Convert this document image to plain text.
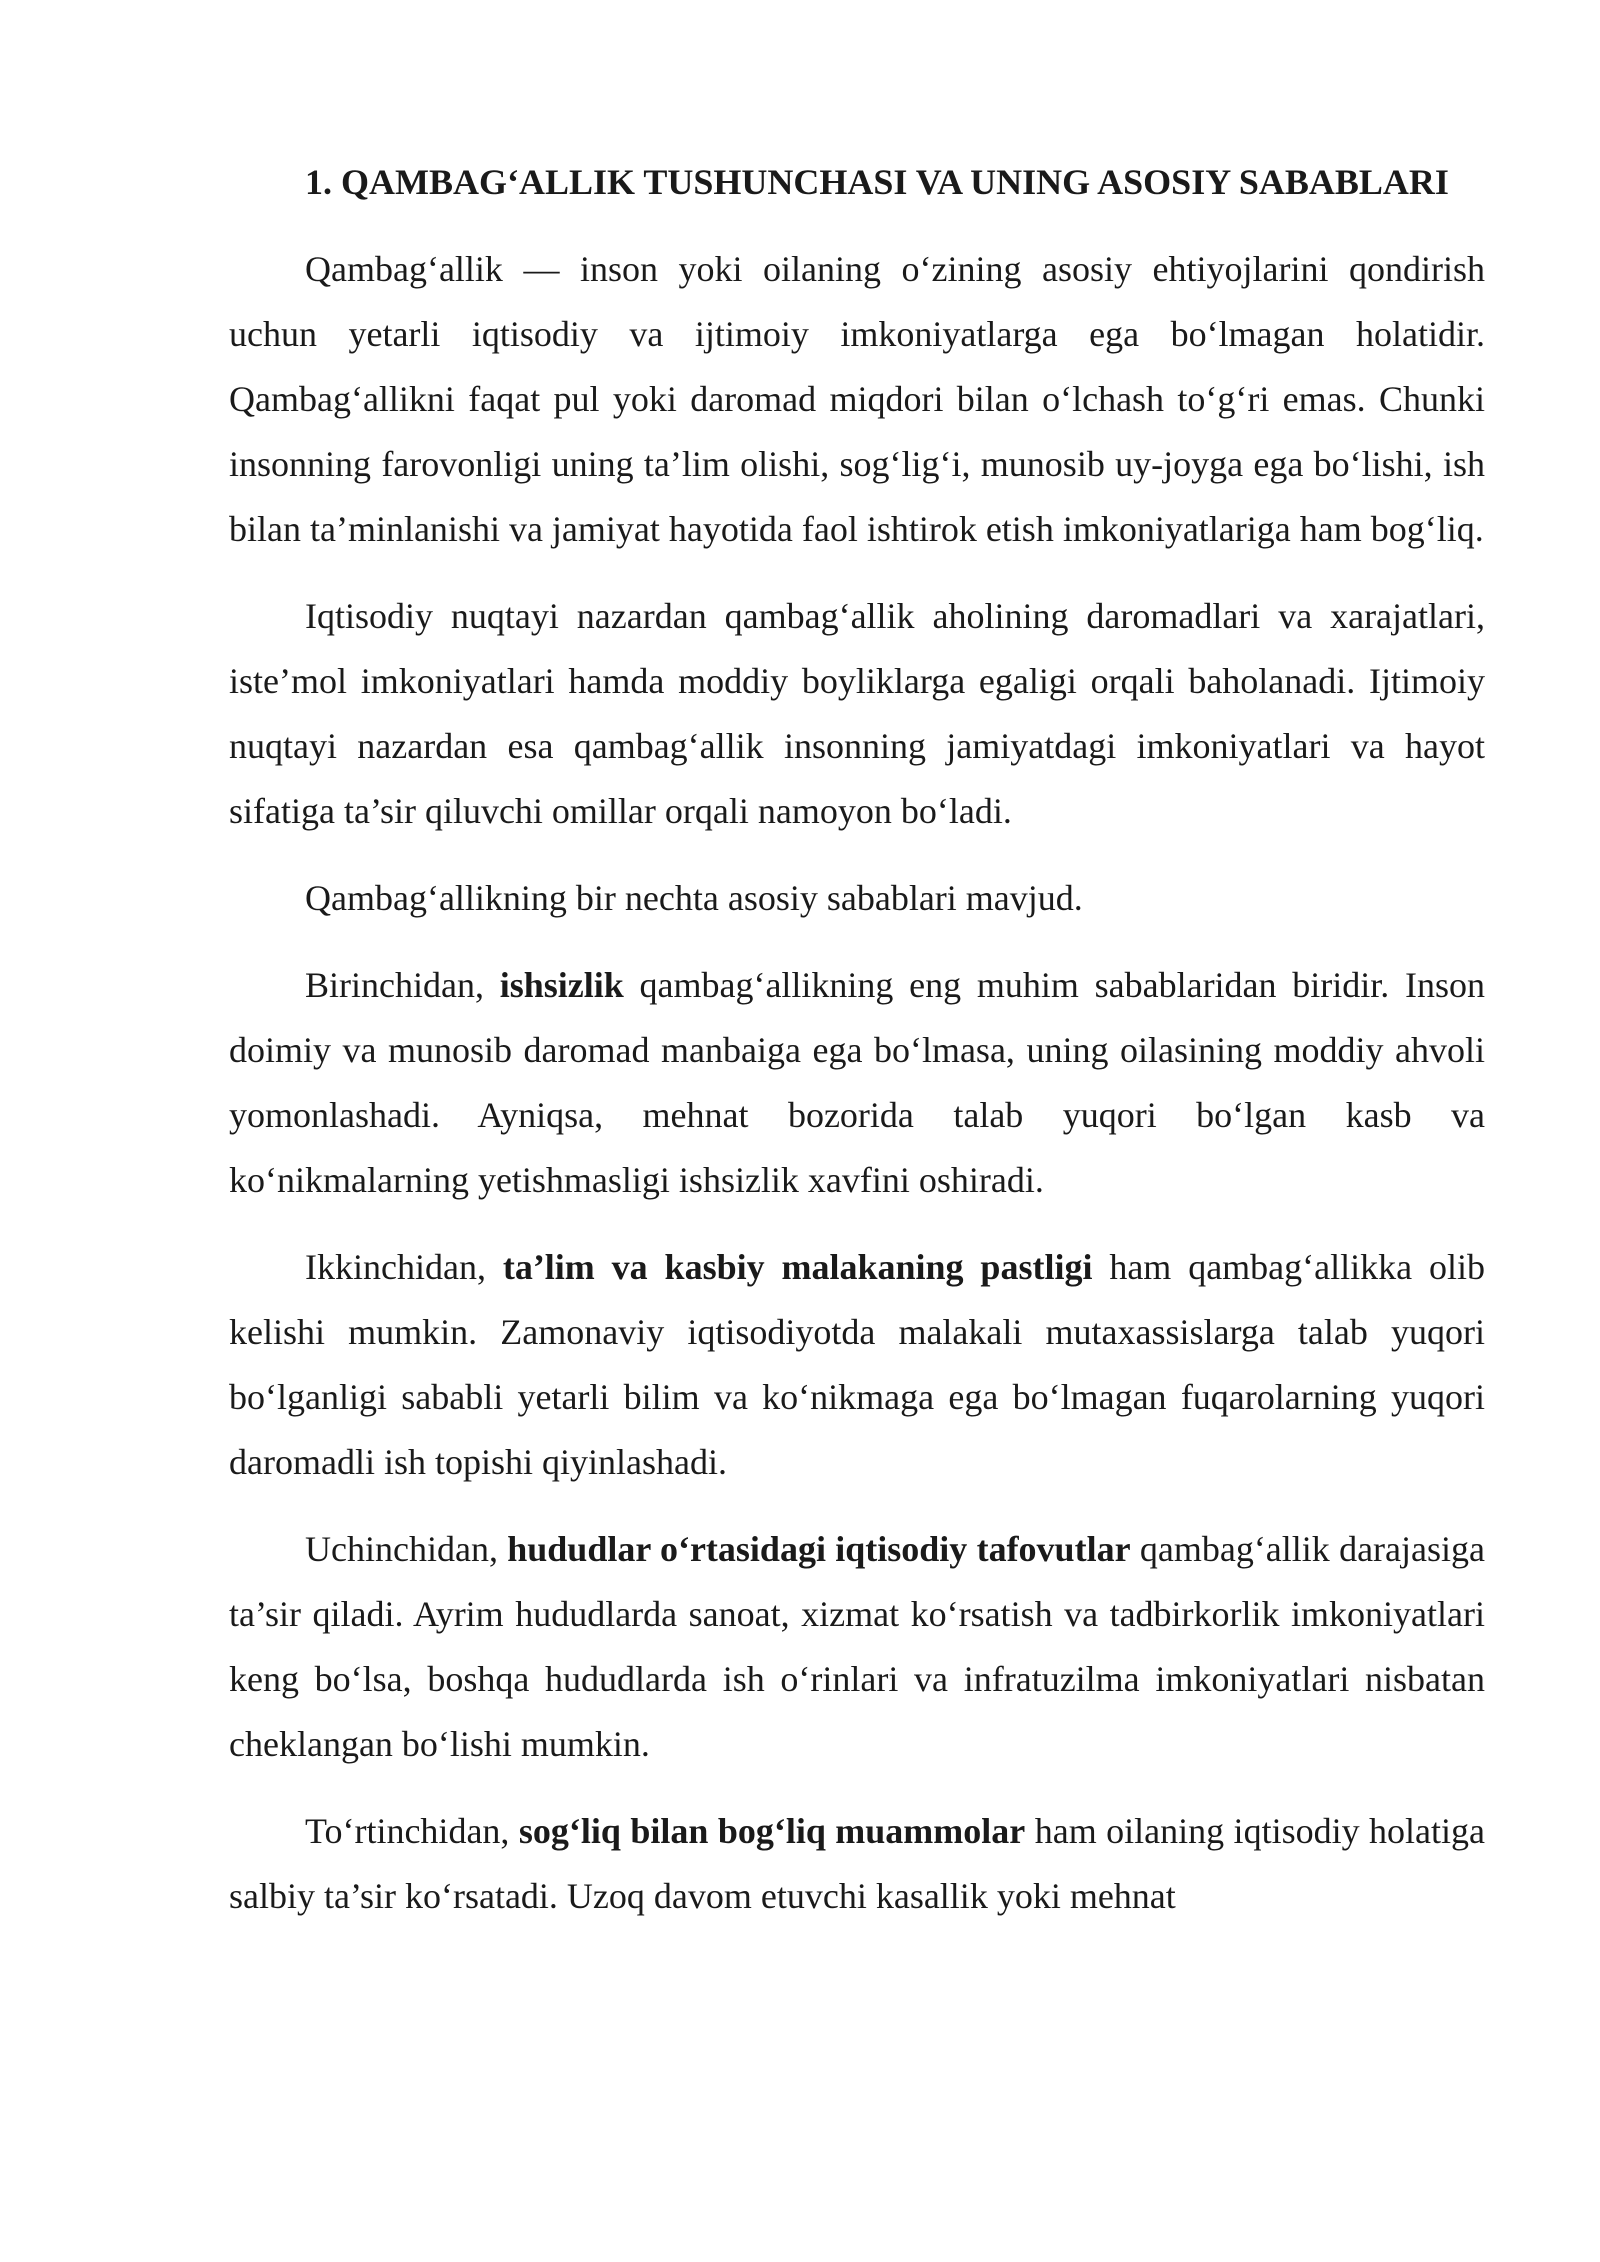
1. QAMBAG‘ALLIK TUSHUNCHASI VA UNING ASOSIY SABABLARI

Qambag‘allik — inson yoki oilaning o‘zining asosiy ehtiyojlarini qondirish uchun yetarli iqtisodiy va ijtimoiy imkoniyatlarga ega bo‘lmagan holatidir. Qambag‘allikni faqat pul yoki daromad miqdori bilan o‘lchash to‘g‘ri emas. Chunki insonning farovonligi uning ta’lim olishi, sog‘lig‘i, munosib uy-joyga ega bo‘lishi, ish bilan ta’minlanishi va jamiyat hayotida faol ishtirok etish imkoniyatlariga ham bog‘liq.

Iqtisodiy nuqtayi nazardan qambag‘allik aholining daromadlari va xarajatlari, iste’mol imkoniyatlari hamda moddiy boyliklarga egaligi orqali baholanadi. Ijtimoiy nuqtayi nazardan esa qambag‘allik insonning jamiyatdagi imkoniyatlari va hayot sifatiga ta’sir qiluvchi omillar orqali namoyon bo‘ladi.

Qambag‘allikning bir nechta asosiy sabablari mavjud.

Birinchidan, ishsizlik qambag‘allikning eng muhim sabablaridan biridir. Inson doimiy va munosib daromad manbaiga ega bo‘lmasa, uning oilasining moddiy ahvoli yomonlashadi. Ayniqsa, mehnat bozorida talab yuqori bo‘lgan kasb va ko‘nikmalarning yetishmasligi ishsizlik xavfini oshiradi.

Ikkinchidan, ta’lim va kasbiy malakaning pastligi ham qambag‘allikka olib kelishi mumkin. Zamonaviy iqtisodiyotda malakali mutaxassislarga talab yuqori bo‘lganligi sababli yetarli bilim va ko‘nikmaga ega bo‘lmagan fuqarolarning yuqori daromadli ish topishi qiyinlashadi.

Uchinchidan, hududlar o‘rtasidagi iqtisodiy tafovutlar qambag‘allik darajasiga ta’sir qiladi. Ayrim hududlarda sanoat, xizmat ko‘rsatish va tadbirkorlik imkoniyatlari keng bo‘lsa, boshqa hududlarda ish o‘rinlari va infratuzilma imkoniyatlari nisbatan cheklangan bo‘lishi mumkin.

To‘rtinchidan, sog‘liq bilan bog‘liq muammolar ham oilaning iqtisodiy holatiga salbiy ta’sir ko‘rsatadi. Uzoq davom etuvchi kasallik yoki mehnat
